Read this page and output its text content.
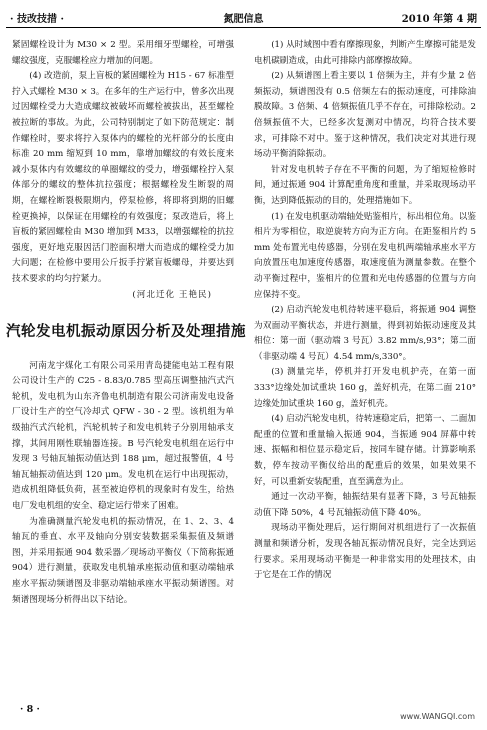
· 技改技措 ·	氮肥信息	2010 年第 4 期

紧固螺栓设计为 M30 × 2 型。采用细牙型螺栓，可增强螺纹强度，克服螺栓应力增加的问题。

(4) 改造前，泵上盲板的紧固螺栓为 H15 - 67 标准型拧入式螺栓 M30 × 3。在多年的生产运行中，曾多次出现过因螺栓受力大造成螺纹被破坏而螺栓被拔出，甚至螺栓被拉断的事故。为此，公司特别制定了如下防范规定：制作螺栓时，要求将拧入泵体内的螺栓的光杆部分的长度由标准 20 mm 缩短到 10 mm，靠增加螺纹的有效长度来减小泵体内有效螺纹的单圈螺纹的受力，增强螺栓拧入泵体部分的螺纹的整体抗拉强度；根据螺栓发生断裂的周期，在螺栓断裂极限期内，停泵检修，将即将到期的旧螺栓更换掉，以保证在用螺栓的有效强度；泵改造后，将上盲板的紧固螺栓由 M30 增加到 M33，以增强螺栓的抗拉强度，更好地克服因活门腔面积增大而造成的螺栓受力加大问题；在检修中要用公斤扳手拧紧盲板螺母，并要达到技术要求的均匀拧紧力。

(河北迁化 王艳民)

汽轮发电机振动原因分析及处理措施

河南龙宇煤化工有限公司采用青岛捷能电站工程有限公司设计生产的 C25 - 8.83/0.785 型高压调整抽汽式汽轮机，发电机为山东齐鲁电机制造有限公司济南发电设备厂设计生产的空气冷却式 QFW - 30 - 2 型。该机组为单级抽汽式汽轮机，汽轮机转子和发电机转子分别用轴承支撑，其间用刚性联轴器连接。B 号汽轮发电机组在运行中发现 3 号轴瓦轴振动值达到 188 μm，超过报警值，4 号轴瓦轴振动值达到 120 μm。发电机在运行中出现振动，造成机组降低负荷，甚至被迫停机的现象时有发生，给热电厂发电机组的安全、稳定运行带来了困难。

为准确测量汽轮发电机的振动情况，在 1、2、3、4 轴瓦的垂直、水平及轴向分别安装数据采集振值及频谱图，并采用振通 904 数采器／现场动平衡仪（下简称振通 904）进行测量，获取发电机轴承座振动值和驱动端轴承座水平振动频谱图及非驱动端轴承座水平振动频谱图。对频谱图现场分析得出以下结论。

(1) 从时域图中看有摩擦现象，判断产生摩擦可能是发电机碳刷造成，由此可排除内部摩擦故障。

(2) 从频谱图上看主要以 1 倍频为主，并有少量 2 倍频振动，频谱图没有 0.5 倍频左右的振动速度，可排除油膜故障。3 倍频、4 倍频振值几乎不存在，可排除松动。2 倍频振值不大，已经多次复测对中情况，均符合技术要求，可排除不对中。鉴于这种情况，我们决定对其进行现场动平衡消除振动。

针对发电机转子存在不平衡的问题，为了缩短检修时间，通过振通 904 计算配重角度和重量，并采取现场动平衡，达到降低振动的目的，处理措施如下。

(1) 在发电机驱动端轴处贴鉴相片，标出相位角。以鉴相片为零相位，取逆旋转方向为正方向。在距鉴相片约 5 mm 处布置光电传感器，分别在发电机两端轴承座水平方向放置压电加速度传感器，取速度值为测量参数。在整个动平衡过程中，鉴相片的位置和光电传感器的位置与方向应保持不变。

(2) 启动汽轮发电机待转速平稳后，将振通 904 调整为双面动平衡状态，并进行测量，得到初始振动速度及其相位：第一面（驱动端 3 号瓦）3.82 mm/s,93°；第二面（非驱动端 4 号瓦）4.54 mm/s,330°。

(3) 测量完毕，停机并打开发电机护壳，在第一面 333°边缘处加试重块 160 g，盖好机壳，在第二面 210°边缘处加试重块 160 g，盖好机壳。

(4) 启动汽轮发电机，待转速稳定后，把第一、二面加配重的位置和重量输入振通 904，当振通 904 屏幕中转速、振幅和相位显示稳定后，按同车键存储。计算影响系数，停车按动平衡仪给出的配重后的效果，如果效果不好，可以重新安装配重，直至满意为止。

通过一次动平衡，轴振结果有显著下降，3 号瓦轴振动值下降 50%，4 号瓦轴振动值下降 40%。

现场动平衡处理后，运行期间对机组进行了一次振值测量和频谱分析，发现各轴瓦振动情况良好，完全达到运行要求。采用现场动平衡是一种非常实用的处理技术，由于它是在工作的情况

· 8 ·
www.WANGQI.com
